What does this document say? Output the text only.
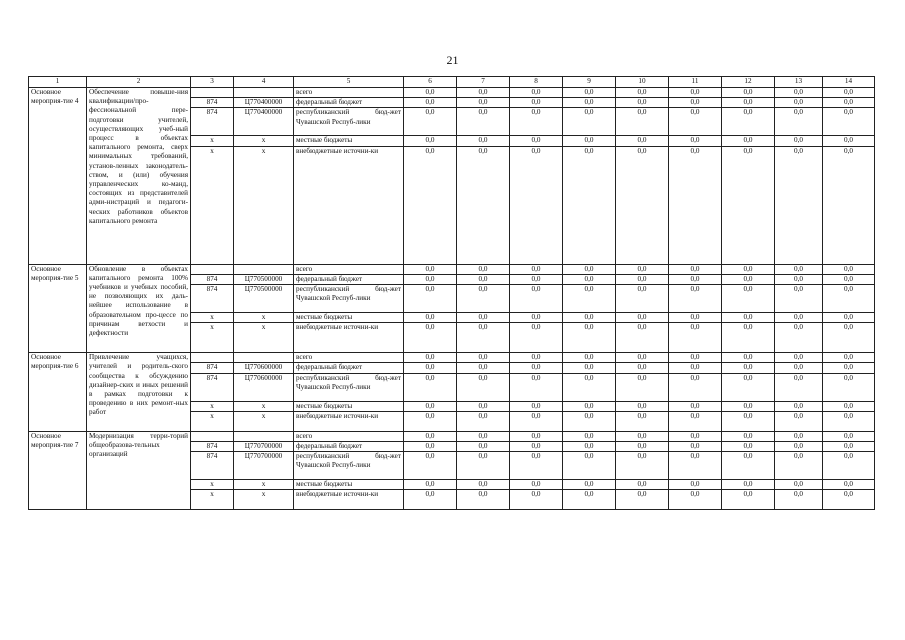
21
1	2	3	4	5	6	7	8	9	10	11	12	13	14
Основное мероприя-тие 4	Обеспечение повыше-ния квалификации/про-фессиональной пере-подготовки учителей, осуществляющих учеб-ный процесс в объектах капитального ремонта, сверх минимальных требований, установ-ленных законодатель-ством, и (или) обучения управленческих ко-манд, состоящих из представителей адми-нистраций и педагоги-ческих работников объектов капитального ремонта			всего	0,0	0,0	0,0	0,0	0,0	0,0	0,0	0,0	0,0
		874	Ц770400000	федеральный бюджет	0,0	0,0	0,0	0,0	0,0	0,0	0,0	0,0	0,0
		874	Ц770400000	республиканский бюд-жет Чувашской Респуб-лики	0,0	0,0	0,0	0,0	0,0	0,0	0,0	0,0	0,0
		x	x	местные бюджеты	0,0	0,0	0,0	0,0	0,0	0,0	0,0	0,0	0,0
		x	x	внебюджетные источни-ки	0,0	0,0	0,0	0,0	0,0	0,0	0,0	0,0	0,0
Основное мероприя-тие 5	Обновление в объектах капитального ремонта 100% учебников и учебных пособий, не позволяющих их даль-нейшее использование в образовательном про-цессе по причинам ветхости и дефектности			всего	0,0	0,0	0,0	0,0	0,0	0,0	0,0	0,0	0,0
		874	Ц770500000	федеральный бюджет	0,0	0,0	0,0	0,0	0,0	0,0	0,0	0,0	0,0
		874	Ц770500000	республиканский бюд-жет Чувашской Респуб-лики	0,0	0,0	0,0	0,0	0,0	0,0	0,0	0,0	0,0
		x	x	местные бюджеты	0,0	0,0	0,0	0,0	0,0	0,0	0,0	0,0	0,0
		x	x	внебюджетные источни-ки	0,0	0,0	0,0	0,0	0,0	0,0	0,0	0,0	0,0
Основное мероприя-тие 6	Привлечение учащихся, учителей и родитель-ского сообщества к обсуждению дизайнер-ских и иных решений в рамках подготовки к проведению в них ремонт-ных работ			всего	0,0	0,0	0,0	0,0	0,0	0,0	0,0	0,0	0,0
		874	Ц770600000	федеральный бюджет	0,0	0,0	0,0	0,0	0,0	0,0	0,0	0,0	0,0
		874	Ц770600000	республиканский бюд-жет Чувашской Респуб-лики	0,0	0,0	0,0	0,0	0,0	0,0	0,0	0,0	0,0
		x	x	местные бюджеты	0,0	0,0	0,0	0,0	0,0	0,0	0,0	0,0	0,0
		x	x	внебюджетные источни-ки	0,0	0,0	0,0	0,0	0,0	0,0	0,0	0,0	0,0
Основное мероприя-тие 7	Модернизация терри-торий общеобразова-тельных организаций			всего	0,0	0,0	0,0	0,0	0,0	0,0	0,0	0,0	0,0
		874	Ц770700000	федеральный бюджет	0,0	0,0	0,0	0,0	0,0	0,0	0,0	0,0	0,0
		874	Ц770700000	республиканский бюд-жет Чувашской Респуб-лики	0,0	0,0	0,0	0,0	0,0	0,0	0,0	0,0	0,0
		x	x	местные бюджеты	0,0	0,0	0,0	0,0	0,0	0,0	0,0	0,0	0,0
		x	x	внебюджетные источни-ки	0,0	0,0	0,0	0,0	0,0	0,0	0,0	0,0	0,0
